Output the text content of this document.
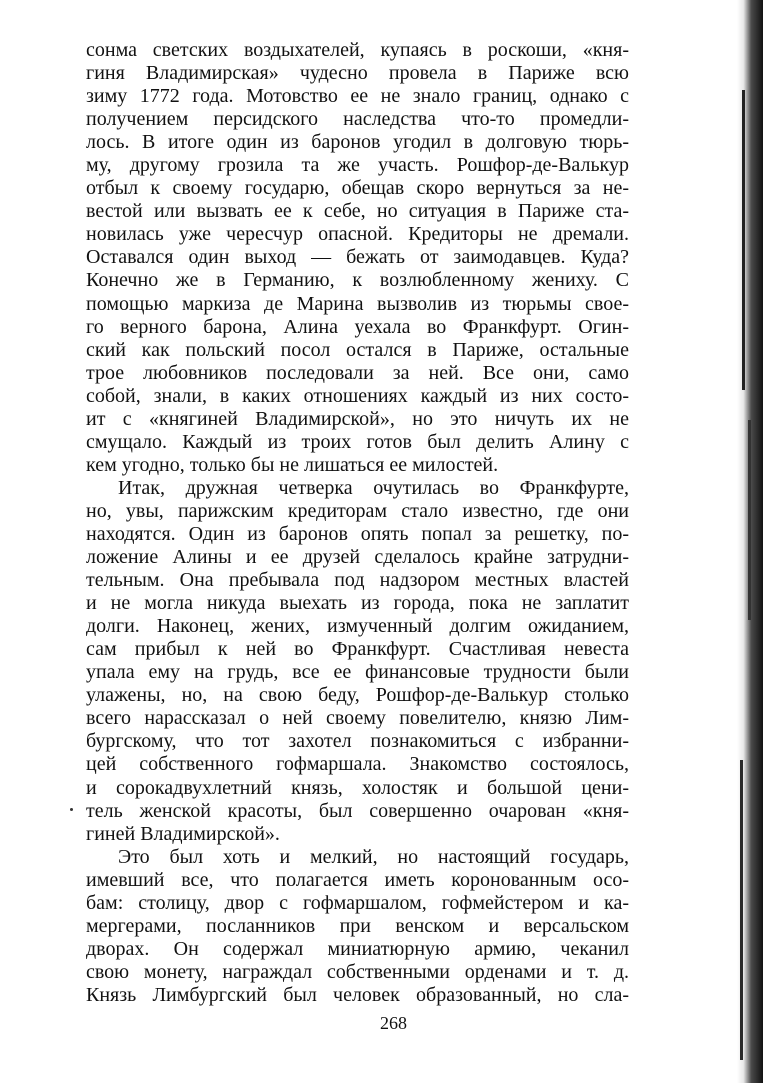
сонма светских воздыхателей, купаясь в роскоши, «кня-
гиня Владимирская» чудесно провела в Париже всю
зиму 1772 года. Мотовство ее не знало границ, однако с
получением персидского наследства что-то промедли-
лось. В итоге один из баронов угодил в долговую тюрь-
му, другому грозила та же участь. Рошфор-де-Валькур
отбыл к своему государю, обещав скоро вернуться за не-
вестой или вызвать ее к себе, но ситуация в Париже ста-
новилась уже чересчур опасной. Кредиторы не дремали.
Оставался один выход — бежать от заимодавцев. Куда?
Конечно же в Германию, к возлюбленному жениху. С
помощью маркиза де Марина вызволив из тюрьмы свое-
го верного барона, Алина уехала во Франкфурт. Огин-
ский как польский посол остался в Париже, остальные
трое любовников последовали за ней. Все они, само
собой, знали, в каких отношениях каждый из них состо-
ит с «княгиней Владимирской», но это ничуть их не
смущало. Каждый из троих готов был делить Алину с
кем угодно, только бы не лишаться ее милостей.
Итак, дружная четверка очутилась во Франкфурте,
но, увы, парижским кредиторам стало известно, где они
находятся. Один из баронов опять попал за решетку, по-
ложение Алины и ее друзей сделалось крайне затрудни-
тельным. Она пребывала под надзором местных властей
и не могла никуда выехать из города, пока не заплатит
долги. Наконец, жених, измученный долгим ожиданием,
сам прибыл к ней во Франкфурт. Счастливая невеста
упала ему на грудь, все ее финансовые трудности были
улажены, но, на свою беду, Рошфор-де-Валькур столько
всего нарассказал о ней своему повелителю, князю Лим-
бургскому, что тот захотел познакомиться с избранни-
цей собственного гофмаршала. Знакомство состоялось,
и сорокадвухлетний князь, холостяк и большой цени-
тель женской красоты, был совершенно очарован «кня-
гиней Владимирской».
Это был хоть и мелкий, но настоящий государь,
имевший все, что полагается иметь коронованным осо-
бам: столицу, двор с гофмаршалом, гофмейстером и ка-
мергерами, посланников при венском и версальском
дворах. Он содержал миниатюрную армию, чеканил
свою монету, награждал собственными орденами и т. д.
Князь Лимбургский был человек образованный, но сла-
268
